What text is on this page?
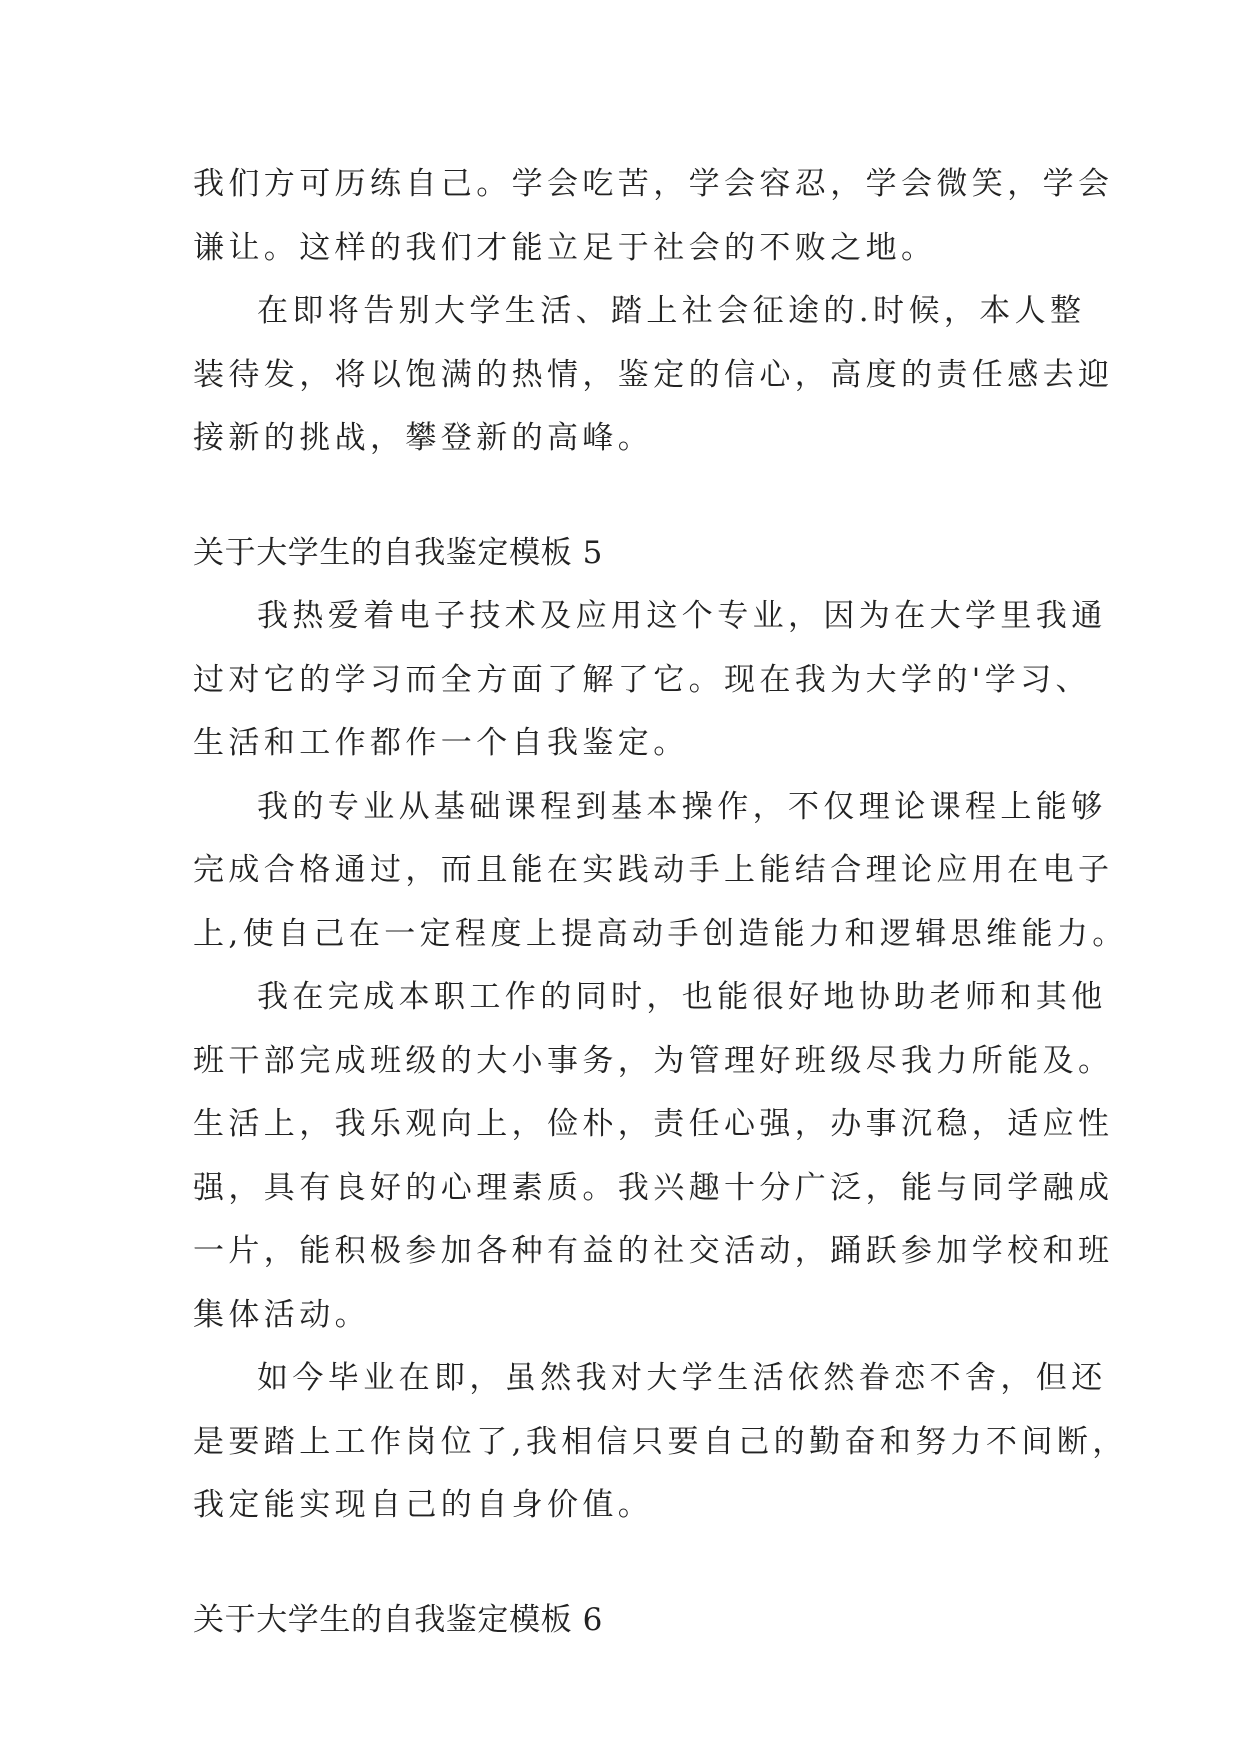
我们方可历练自己。学会吃苦，学会容忍，学会微笑，学会
谦让。这样的我们才能立足于社会的不败之地。
在即将告别大学生活、踏上社会征途的.时候，本人整
装待发，将以饱满的热情，鉴定的信心，高度的责任感去迎
接新的挑战，攀登新的高峰。
关于大学生的自我鉴定模板 5
我热爱着电子技术及应用这个专业，因为在大学里我通
过对它的学习而全方面了解了它。现在我为大学的'学习、
生活和工作都作一个自我鉴定。
我的专业从基础课程到基本操作，不仅理论课程上能够
完成合格通过，而且能在实践动手上能结合理论应用在电子
上,使自己在一定程度上提高动手创造能力和逻辑思维能力。
我在完成本职工作的同时，也能很好地协助老师和其他
班干部完成班级的大小事务，为管理好班级尽我力所能及。
生活上，我乐观向上，俭朴，责任心强，办事沉稳，适应性
强，具有良好的心理素质。我兴趣十分广泛，能与同学融成
一片，能积极参加各种有益的社交活动，踊跃参加学校和班
集体活动。
如今毕业在即，虽然我对大学生活依然眷恋不舍，但还
是要踏上工作岗位了,我相信只要自己的勤奋和努力不间断，
我定能实现自己的自身价值。
关于大学生的自我鉴定模板 6
